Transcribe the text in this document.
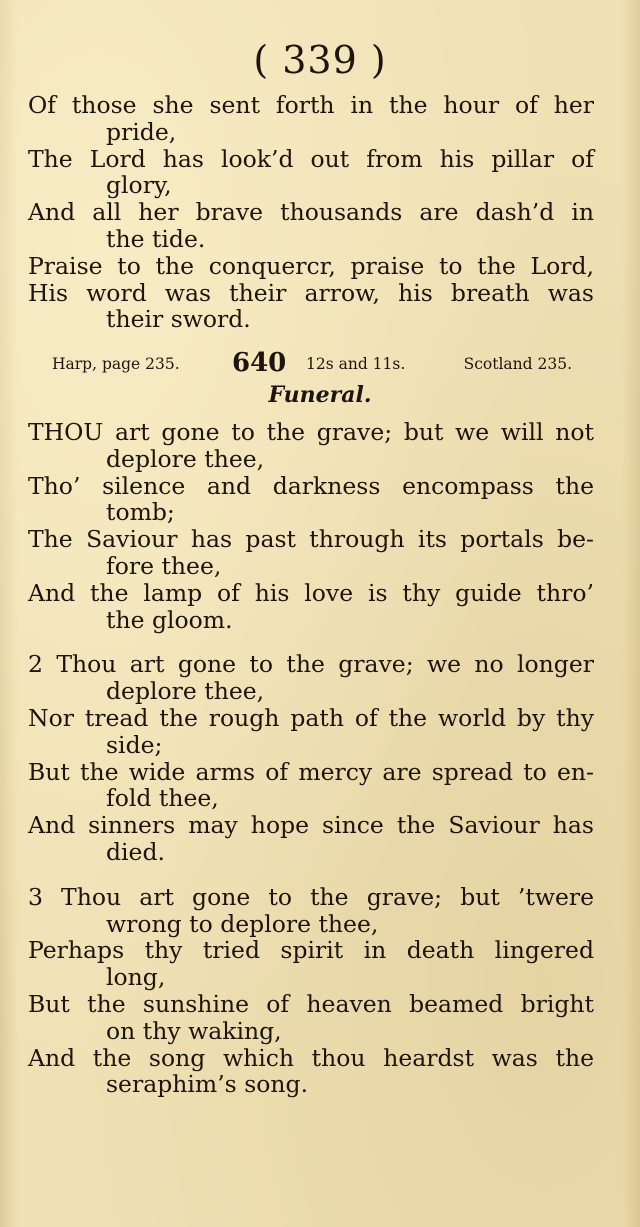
( 339 )
Of those she sent forth in the hour of her
pride,
The Lord has look’d out from his pillar of
glory,
And all her brave thousands are dash’d in
the tide.
Praise to the conquercr, praise to the Lord,
His word was their arrow, his breath was
their sword.
Harp, page 235. 640 12s and 11s.	Scotland 235.
Funeral.
THOU art gone to the grave; but we will not
deplore thee,
Tho’ silence and darkness encompass the
tomb;
The Saviour has past through its portals be-
fore thee,
And the lamp of his love is thy guide thro’
the gloom.
2 Thou art gone to the grave; we no longer
deplore thee,
Nor tread the rough path of the world by thy
side;
But the wide arms of mercy are spread to en-
fold thee,
And sinners may hope since the Saviour has
died.
3 Thou art gone to the grave; but ’twere
wrong to deplore thee,
Perhaps thy tried spirit in death lingered
long,
But the sunshine of heaven beamed bright
on thy waking,
And the song which thou heardst was the
seraphim’s song.
